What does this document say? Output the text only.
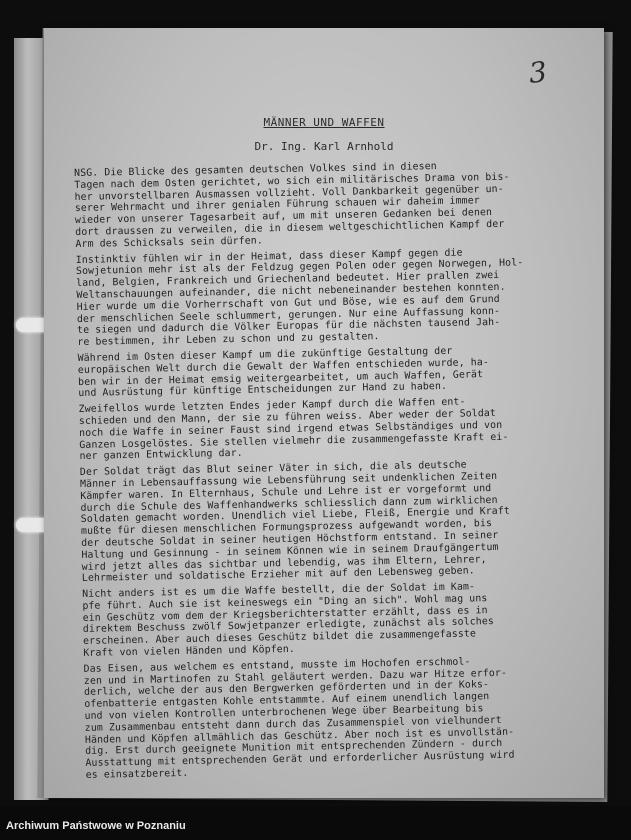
3
MÄNNER UND WAFFEN
Dr. Ing. Karl Arnhold

NSG. Die Blicke des gesamten deutschen Volkes sind in diesen
Tagen nach dem Osten gerichtet, wo sich ein militärisches Drama von bis-
her unvorstellbaren Ausmassen vollzieht. Voll Dankbarkeit gegenüber un-
serer Wehrmacht und ihrer genialen Führung schauen wir daheim immer
wieder von unserer Tagesarbeit auf, um mit unseren Gedanken bei denen
dort draussen zu verweilen, die in diesem weltgeschichtlichen Kampf der
Arm des Schicksals sein dürfen.

Instinktiv fühlen wir in der Heimat, dass dieser Kampf gegen die
Sowjetunion mehr ist als der Feldzug gegen Polen oder gegen Norwegen, Hol-
land, Belgien, Frankreich und Griechenland bedeutet. Hier prallen zwei
Weltanschauungen aufeinander, die nicht nebeneinander bestehen konnten.
Hier wurde um die Vorherrschaft von Gut und Böse, wie es auf dem Grund
der menschlichen Seele schlummert, gerungen. Nur eine Auffassung konn-
te siegen und dadurch die Völker Europas für die nächsten tausend Jah-
re bestimmen, ihr Leben zu schon und zu gestalten.

Während im Osten dieser Kampf um die zukünftige Gestaltung der
europäischen Welt durch die Gewalt der Waffen entschieden wurde, ha-
ben wir in der Heimat emsig weitergearbeitet, um auch Waffen, Gerät
und Ausrüstung für künftige Entscheidungen zur Hand zu haben.

Zweifellos wurde letzten Endes jeder Kampf durch die Waffen ent-
schieden und den Mann, der sie zu führen weiss. Aber weder der Soldat
noch die Waffe in seiner Faust sind irgend etwas Selbständiges und von
Ganzen Losgelöstes. Sie stellen vielmehr die zusammengefasste Kraft ei-
ner ganzen Entwicklung dar.

Der Soldat trägt das Blut seiner Väter in sich, die als deutsche
Männer in Lebensauffassung wie Lebensführung seit undenklichen Zeiten
Kämpfer waren. In Elternhaus, Schule und Lehre ist er vorgeformt und
durch die Schule des Waffenhandwerks schliesslich dann zum wirklichen
Soldaten gemacht worden. Unendlich viel Liebe, Fleiß, Energie und Kraft
mußte für diesen menschlichen Formungsprozess aufgewandt worden, bis
der deutsche Soldat in seiner heutigen Höchstform entstand. In seiner
Haltung und Gesinnung - in seinem Können wie in seinem Draufgängertum
wird jetzt alles das sichtbar und lebendig, was ihm Eltern, Lehrer,
Lehrmeister und soldatische Erzieher mit auf den Lebensweg geben.

Nicht anders ist es um die Waffe bestellt, die der Soldat im Kam-
pfe führt. Auch sie ist keineswegs ein "Ding an sich". Wohl mag uns
ein Geschütz vom dem der Kriegsberichterstatter erzählt, dass es in
direktem Beschuss zwölf Sowjetpanzer erledigte, zunächst als solches
erscheinen. Aber auch dieses Geschütz bildet die zusammengefasste
Kraft von vielen Händen und Köpfen.

Das Eisen, aus welchem es entstand, musste im Hochofen erschmol-
zen und in Martinofen zu Stahl geläutert werden. Dazu war Hitze erfor-
derlich, welche der aus den Bergwerken geförderten und in der Koks-
ofenbatterie entgasten Kohle entstammte. Auf einem unendlich langen
und von vielen Kontrollen unterbrochenen Wege über Bearbeitung bis
zum Zusammenbau entsteht dann durch das Zusammenspiel von vielhundert
Händen und Köpfen allmählich das Geschütz. Aber noch ist es unvollstän-
dig. Erst durch geeignete Munition mit entsprechenden Zündern - durch
Ausstattung mit entsprechenden Gerät und erforderlicher Ausrüstung wird
es einsatzbereit.

Archiwum Państwowe w Poznaniu
